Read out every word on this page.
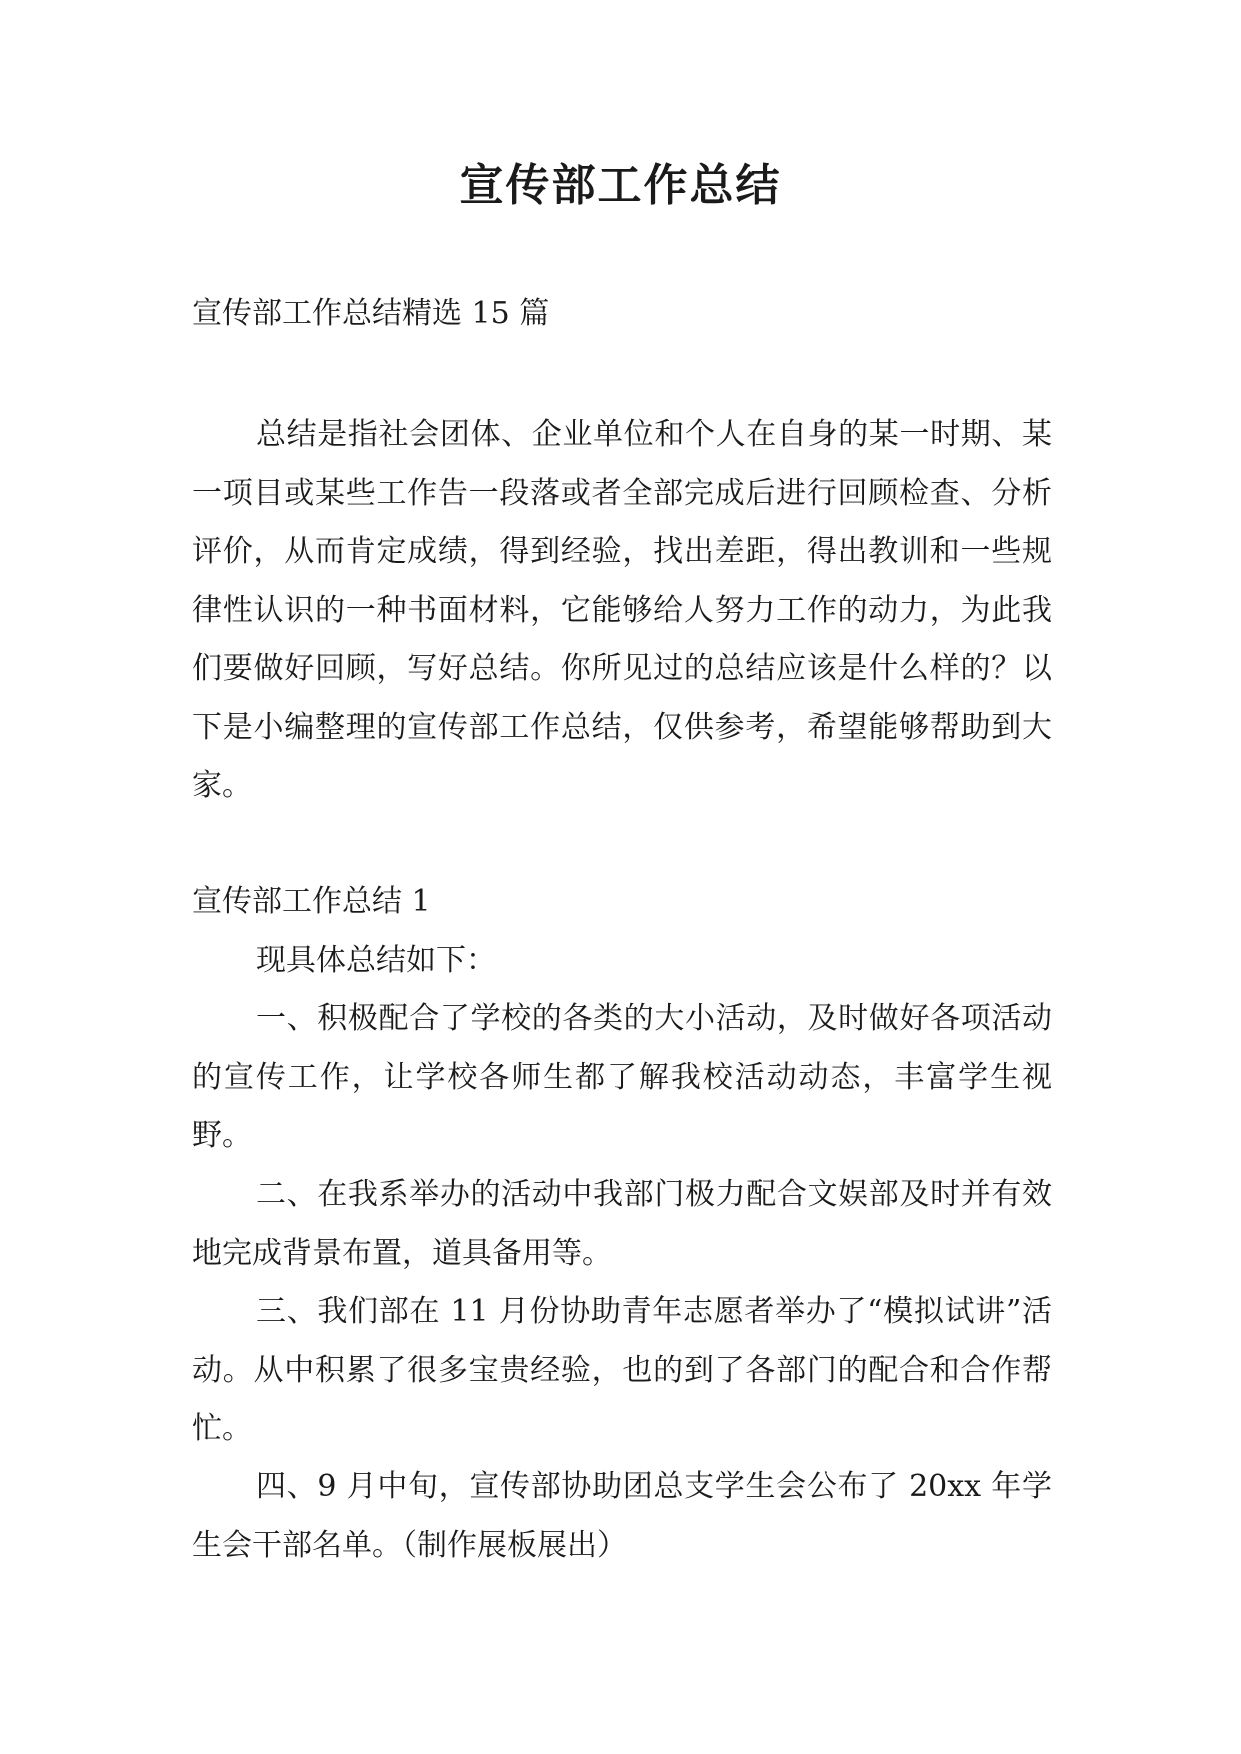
宣传部工作总结

宣传部工作总结精选 15 篇

总结是指社会团体、企业单位和个人在自身的某一时期、某一项目或某些工作告一段落或者全部完成后进行回顾检查、分析评价，从而肯定成绩，得到经验，找出差距，得出教训和一些规律性认识的一种书面材料，它能够给人努力工作的动力，为此我们要做好回顾，写好总结。你所见过的总结应该是什么样的？以下是小编整理的宣传部工作总结，仅供参考，希望能够帮助到大家。

宣传部工作总结 1

现具体总结如下：

一、积极配合了学校的各类的大小活动，及时做好各项活动的宣传工作，让学校各师生都了解我校活动动态，丰富学生视野。

二、在我系举办的活动中我部门极力配合文娱部及时并有效地完成背景布置，道具备用等。

三、我们部在 11 月份协助青年志愿者举办了“模拟试讲”活动。从中积累了很多宝贵经验，也的到了各部门的配合和合作帮忙。

四、9 月中旬，宣传部协助团总支学生会公布了 20xx 年学生会干部名单。（制作展板展出）
